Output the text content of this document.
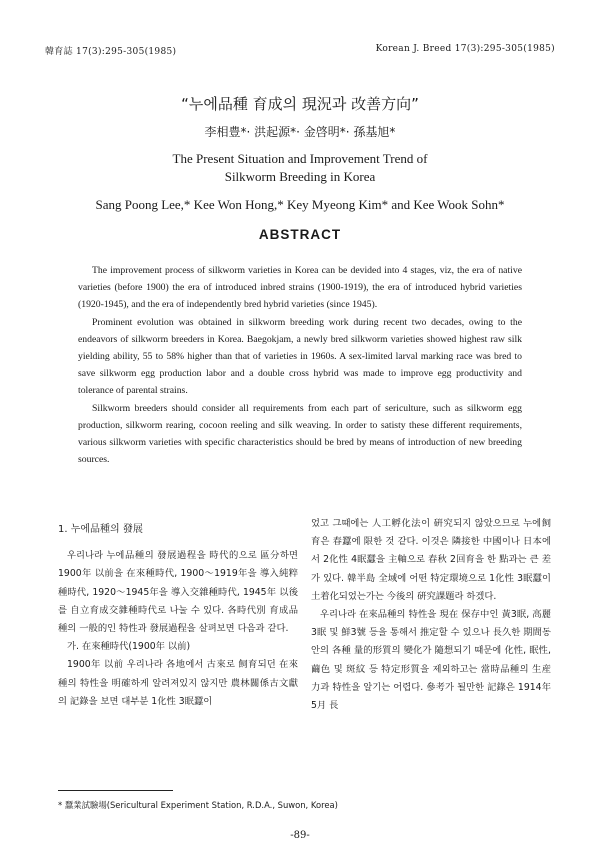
韓育誌 17(3):295-305(1985)	Korean J. Breed 17(3):295-305(1985)
“누에品種 育成의 現況과 改善方向”
李相豊*· 洪起源*· 金啓明*· 孫基旭*
The Present Situation and Improvement Trend of
Silkworm Breeding in Korea
Sang Poong Lee,* Kee Won Hong,* Key Myeong Kim* and Kee Wook Sohn*
ABSTRACT

The improvement process of silkworm varieties in Korea can be devided into 4 stages, viz, the era of native varieties (before 1900) the era of introduced inbred strains (1900-1919), the era of introduced hybrid varieties (1920-1945), and the era of independently bred hybrid varieties (since 1945).

Prominent evolution was obtained in silkworm breeding work during recent two decades, owing to the endeavors of silkworm breeders in Korea. Baegokjam, a newly bred silkworm varieties showed highest raw silk yielding ability, 55 to 58% higher than that of varieties in 1960s. A sex-limited larval marking race was bred to save silkworm egg production labor and a double cross hybrid was made to improve egg productivity and tolerance of parental strains.

Silkworm breeders should consider all requirements from each part of sericulture, such as silkworm egg production, silkworm rearing, cocoon reeling and silk weaving. In order to satisty these different requirements, various silkworm varieties with specific characteristics should be bred by means of introduction of new breeding sources.

1. 누에品種의 發展

우리나라 누에品種의 發展過程을 時代的으로 區分하면 1900年 以前을 在來種時代, 1900～1919年을 導入純粹種時代, 1920～1945年을 導入交雜種時代, 1945年 以後를 自立育成交雜種時代로 나눌 수 있다. 各時代別 育成品種의 一般的인 特性과 發展過程을 살펴보면 다음과 같다.

가. 在來種時代(1900年 以前)

1900年 以前 우리나라 各地에서 古來로 飼育되던 在來種의 特性을 明確하게 알려져있지 않지만 農林關係古文獻의 記錄을 보면 대부분 1化性 3眠蠶이

었고 그때에는 人工孵化法이 硏究되지 않았으므로 누에飼育은 春蠶에 限한 것 같다. 이것은 隣接한 中國이나 日本에서 2化性 4眠蠶을 主軸으로 春秋 2回育을 한 點과는 큰 差가 있다. 韓半島 全域에 어떤 特定環境으로 1化性 3眠蠶이 土着化되었는가는 今後의 硏究課題라 하겠다.

우리나라 在來品種의 特性을 現在 保存中인 黃3眠, 高麗3眠 및 鮮3號 등을 통해서 推定할 수 있으나 長久한 期間동안의 各種 量的形質의 變化가 隨想되기 때문에 化性, 眠性, 繭色 및 斑紋 등 特定形質을 제외하고는 當時品種의 生産力과 特性을 알기는 어렵다. 參考가 될만한 記錄은 1914年 5月 長

* 蠶業試驗場(Sericultural Experiment Station, R.D.A., Suwon, Korea)
-89-
